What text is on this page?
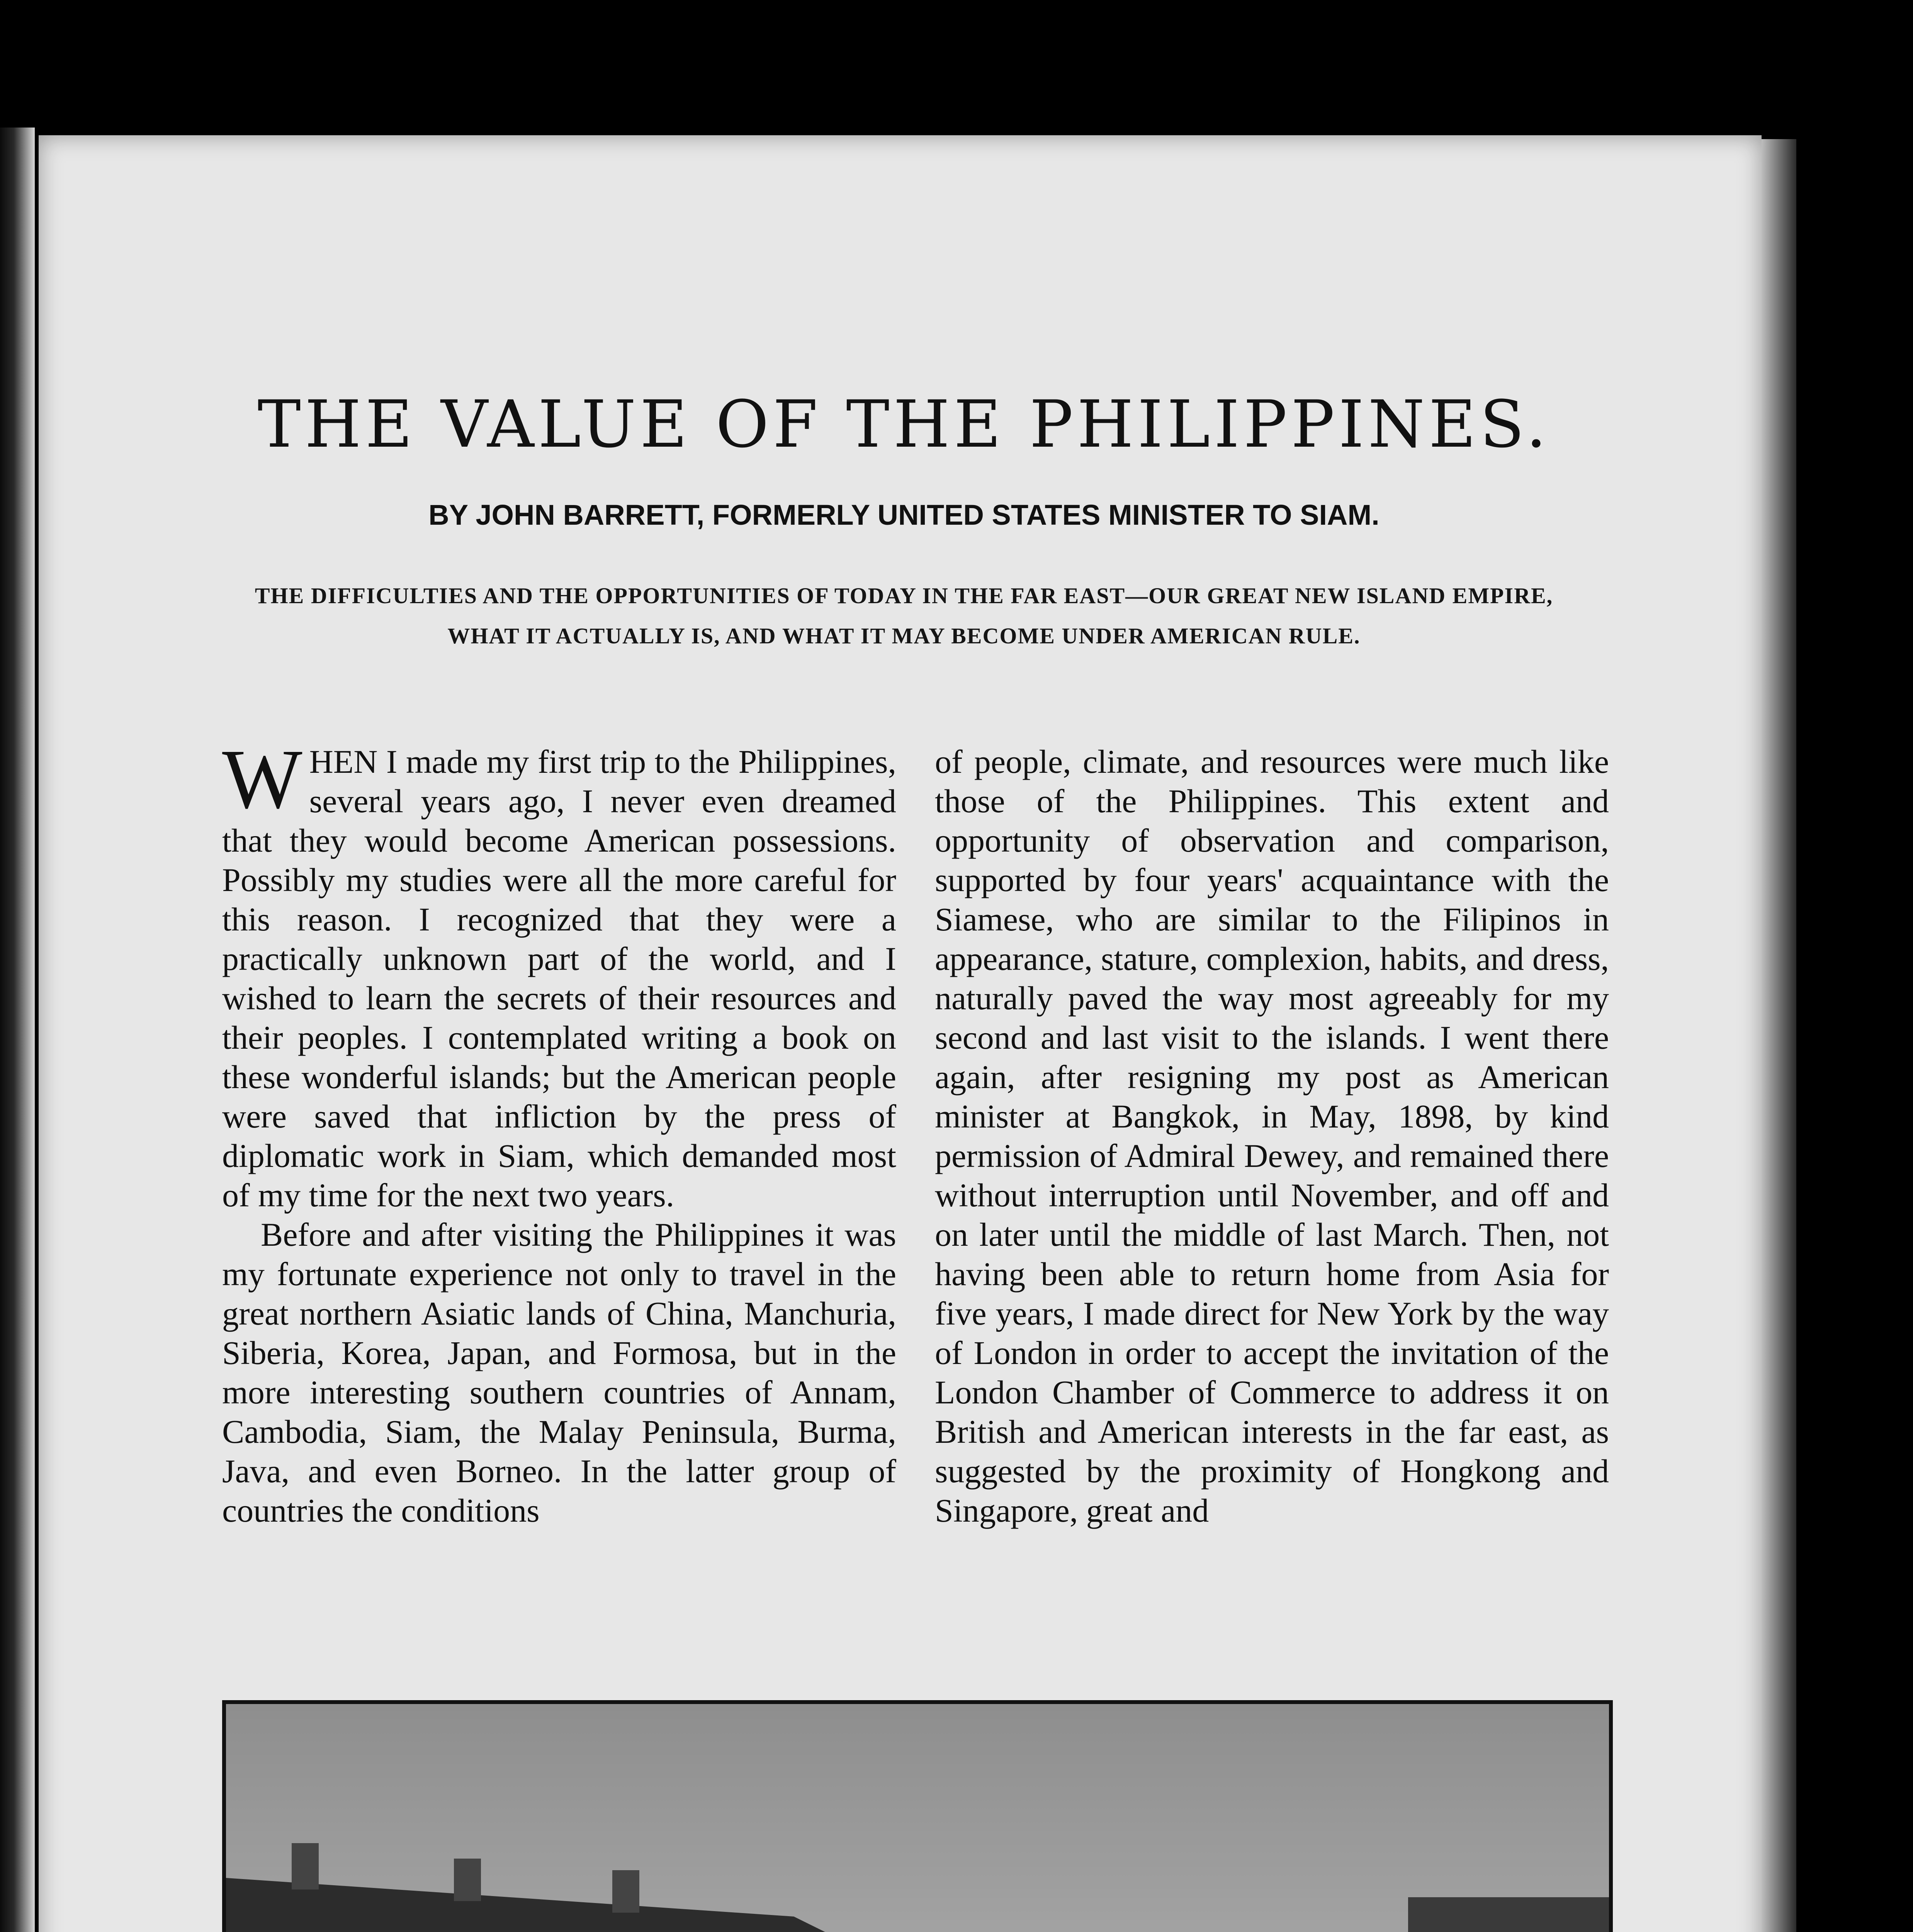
THE VALUE OF THE PHILIPPINES.

BY JOHN BARRETT, FORMERLY UNITED STATES MINISTER TO SIAM.

THE DIFFICULTIES AND THE OPPORTUNITIES OF TODAY IN THE FAR EAST—OUR GREAT NEW ISLAND EMPIRE, WHAT IT ACTUALLY IS, AND WHAT IT MAY BECOME UNDER AMERICAN RULE.

WHEN I made my first trip to the Philippines, several years ago, I never even dreamed that they would become American possessions. Possibly my studies were all the more careful for this reason. I recognized that they were a practically unknown part of the world, and I wished to learn the secrets of their resources and their peoples. I contemplated writing a book on these wonderful islands; but the American people were saved that infliction by the press of diplomatic work in Siam, which demanded most of my time for the next two years.

Before and after visiting the Philippines it was my fortunate experience not only to travel in the great northern Asiatic lands of China, Manchuria, Siberia, Korea, Japan, and Formosa, but in the more interesting southern countries of Annam, Cambodia, Siam, the Malay Peninsula, Burma, Java, and even Borneo. In the latter group of countries the conditions

of people, climate, and resources were much like those of the Philippines. This extent and opportunity of observation and comparison, supported by four years' acquaintance with the Siamese, who are similar to the Filipinos in appearance, stature, complexion, habits, and dress, naturally paved the way most agreeably for my second and last visit to the islands. I went there again, after resigning my post as American minister at Bangkok, in May, 1898, by kind permission of Admiral Dewey, and remained there without interruption until November, and off and on later until the middle of last March. Then, not having been able to return home from Asia for five years, I made direct for New York by the way of London in order to accept the invitation of the London Chamber of Commerce to address it on British and American interests in the far east, as suggested by the proximity of Hongkong and Singapore, great and
